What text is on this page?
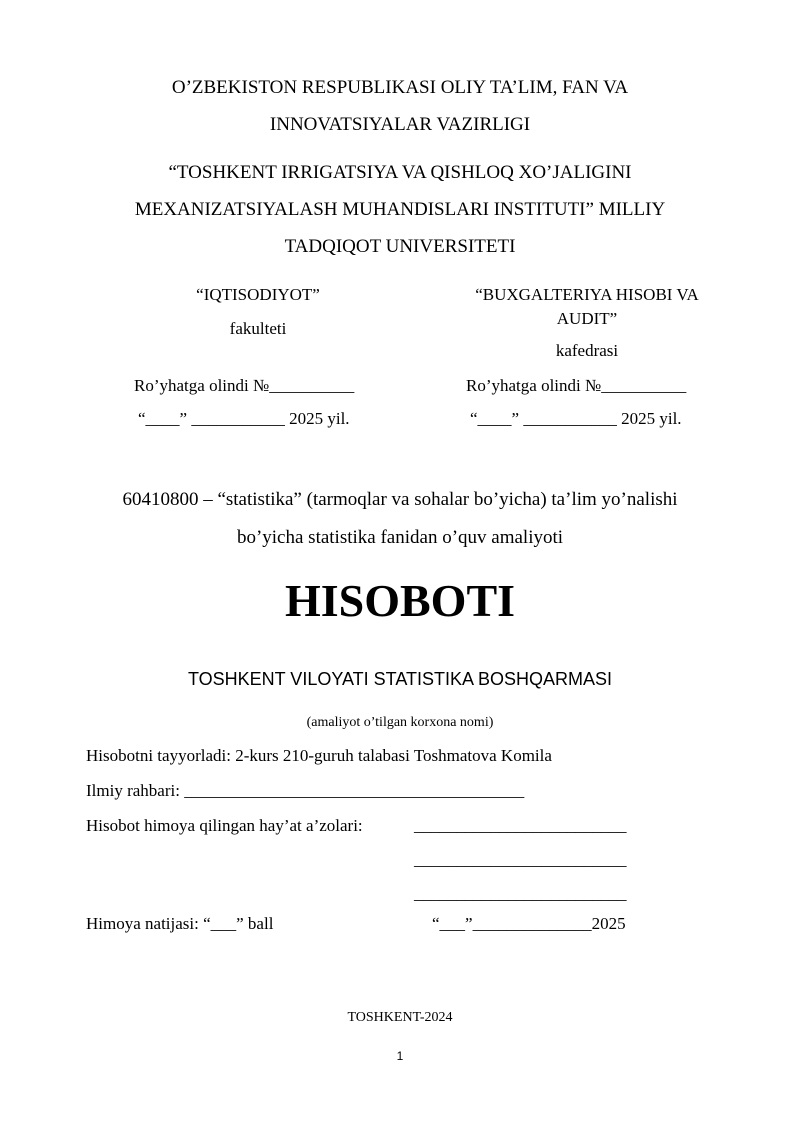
O’ZBEKISTON RESPUBLIKASI OLIY TA’LIM, FAN VA
INNOVATSIYALAR VAZIRLIGI
“TOSHKENT IRRIGATSIYA VA QISHLOQ XO’JALIGINI
MEXANIZATSIYALASH MUHANDISLARI INSTITUTI” MILLIY
TADQIQOT UNIVERSITETI
“IQTISODIYOT”
fakulteti
Ro’yhatga olindi №__________
“____” ___________ 2025 yil.
“BUXGALTERIYA HISOBI VA
AUDIT”
kafedrasi
Ro’yhatga olindi №__________
“____” ___________ 2025 yil.
60410800 – “statistika” (tarmoqlar va sohalar bo’yicha) ta’lim yo’nalishi
bo’yicha statistika fanidan o’quv amaliyoti
HISOBOTI
TOSHKENT VILOYATI STATISTIKA BOSHQARMASI
(amaliyot o’tilgan korxona nomi)
Hisobotni tayyorladi: 2-kurs 210-guruh talabasi Toshmatova Komila
Ilmiy rahbari: ________________________________________
Hisobot himoya qilingan hay’at a’zolari:	_________________________
_________________________
_________________________
Himoya natijasi: “___” ball	“___”______________2025
TOSHKENT-2024
1
